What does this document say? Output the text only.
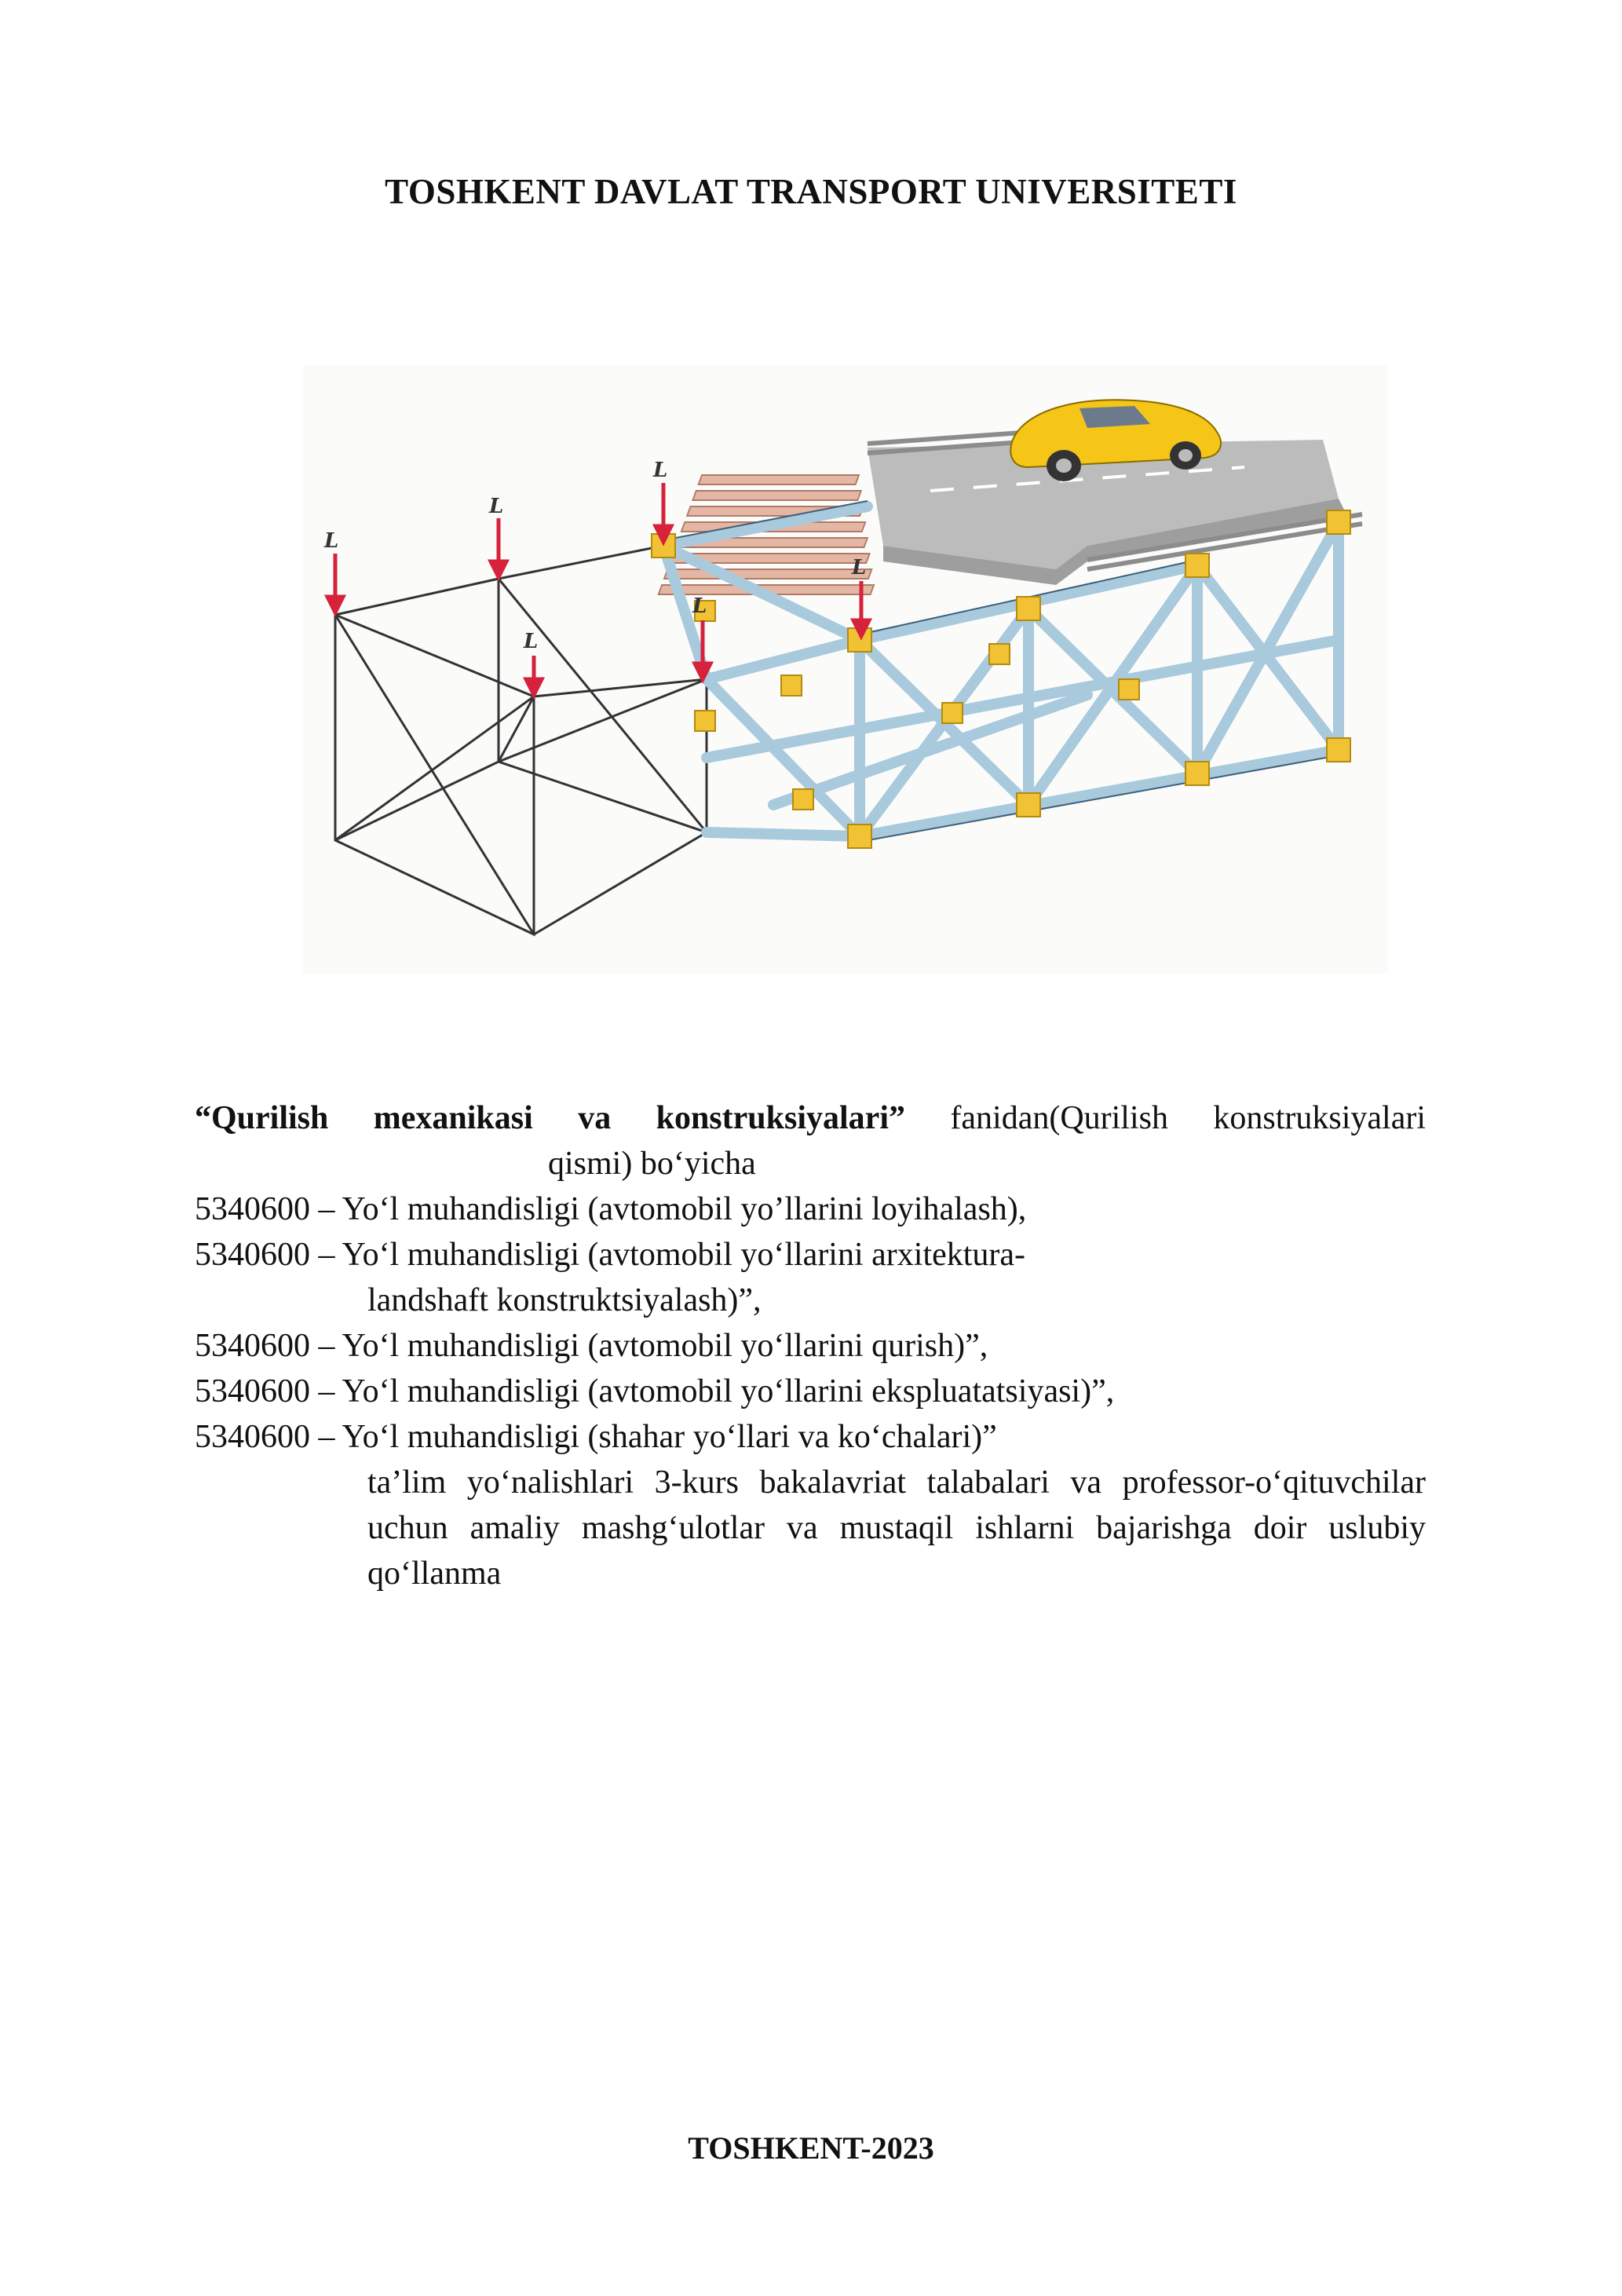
TOSHKENT DAVLAT TRANSPORT UNIVERSITETI
L
L
L
L
L
L
“Qurilish mexanikasi va konstruksiyalari” fanidan(Qurilish konstruksiyalari
qismi) bo‘yicha
5340600 – Yo‘l muhandisligi (avtomobil yo’llarini loyihalash),
5340600 – Yo‘l muhandisligi (avtomobil yo‘llarini arxitektura-
landshaft konstruktsiyalash)”,
5340600 – Yo‘l muhandisligi (avtomobil yo‘llarini qurish)”,
5340600 – Yo‘l muhandisligi (avtomobil yo‘llarini ekspluatatsiyasi)”,
5340600 – Yo‘l muhandisligi (shahar yo‘llari va ko‘chalari)”
ta’lim yo‘nalishlari 3-kurs bakalavriat talabalari va professor-o‘qituvchilar uchun amaliy mashg‘ulotlar va mustaqil ishlarni bajarishga doir uslubiy qo‘llanma
TOSHKENT-2023
